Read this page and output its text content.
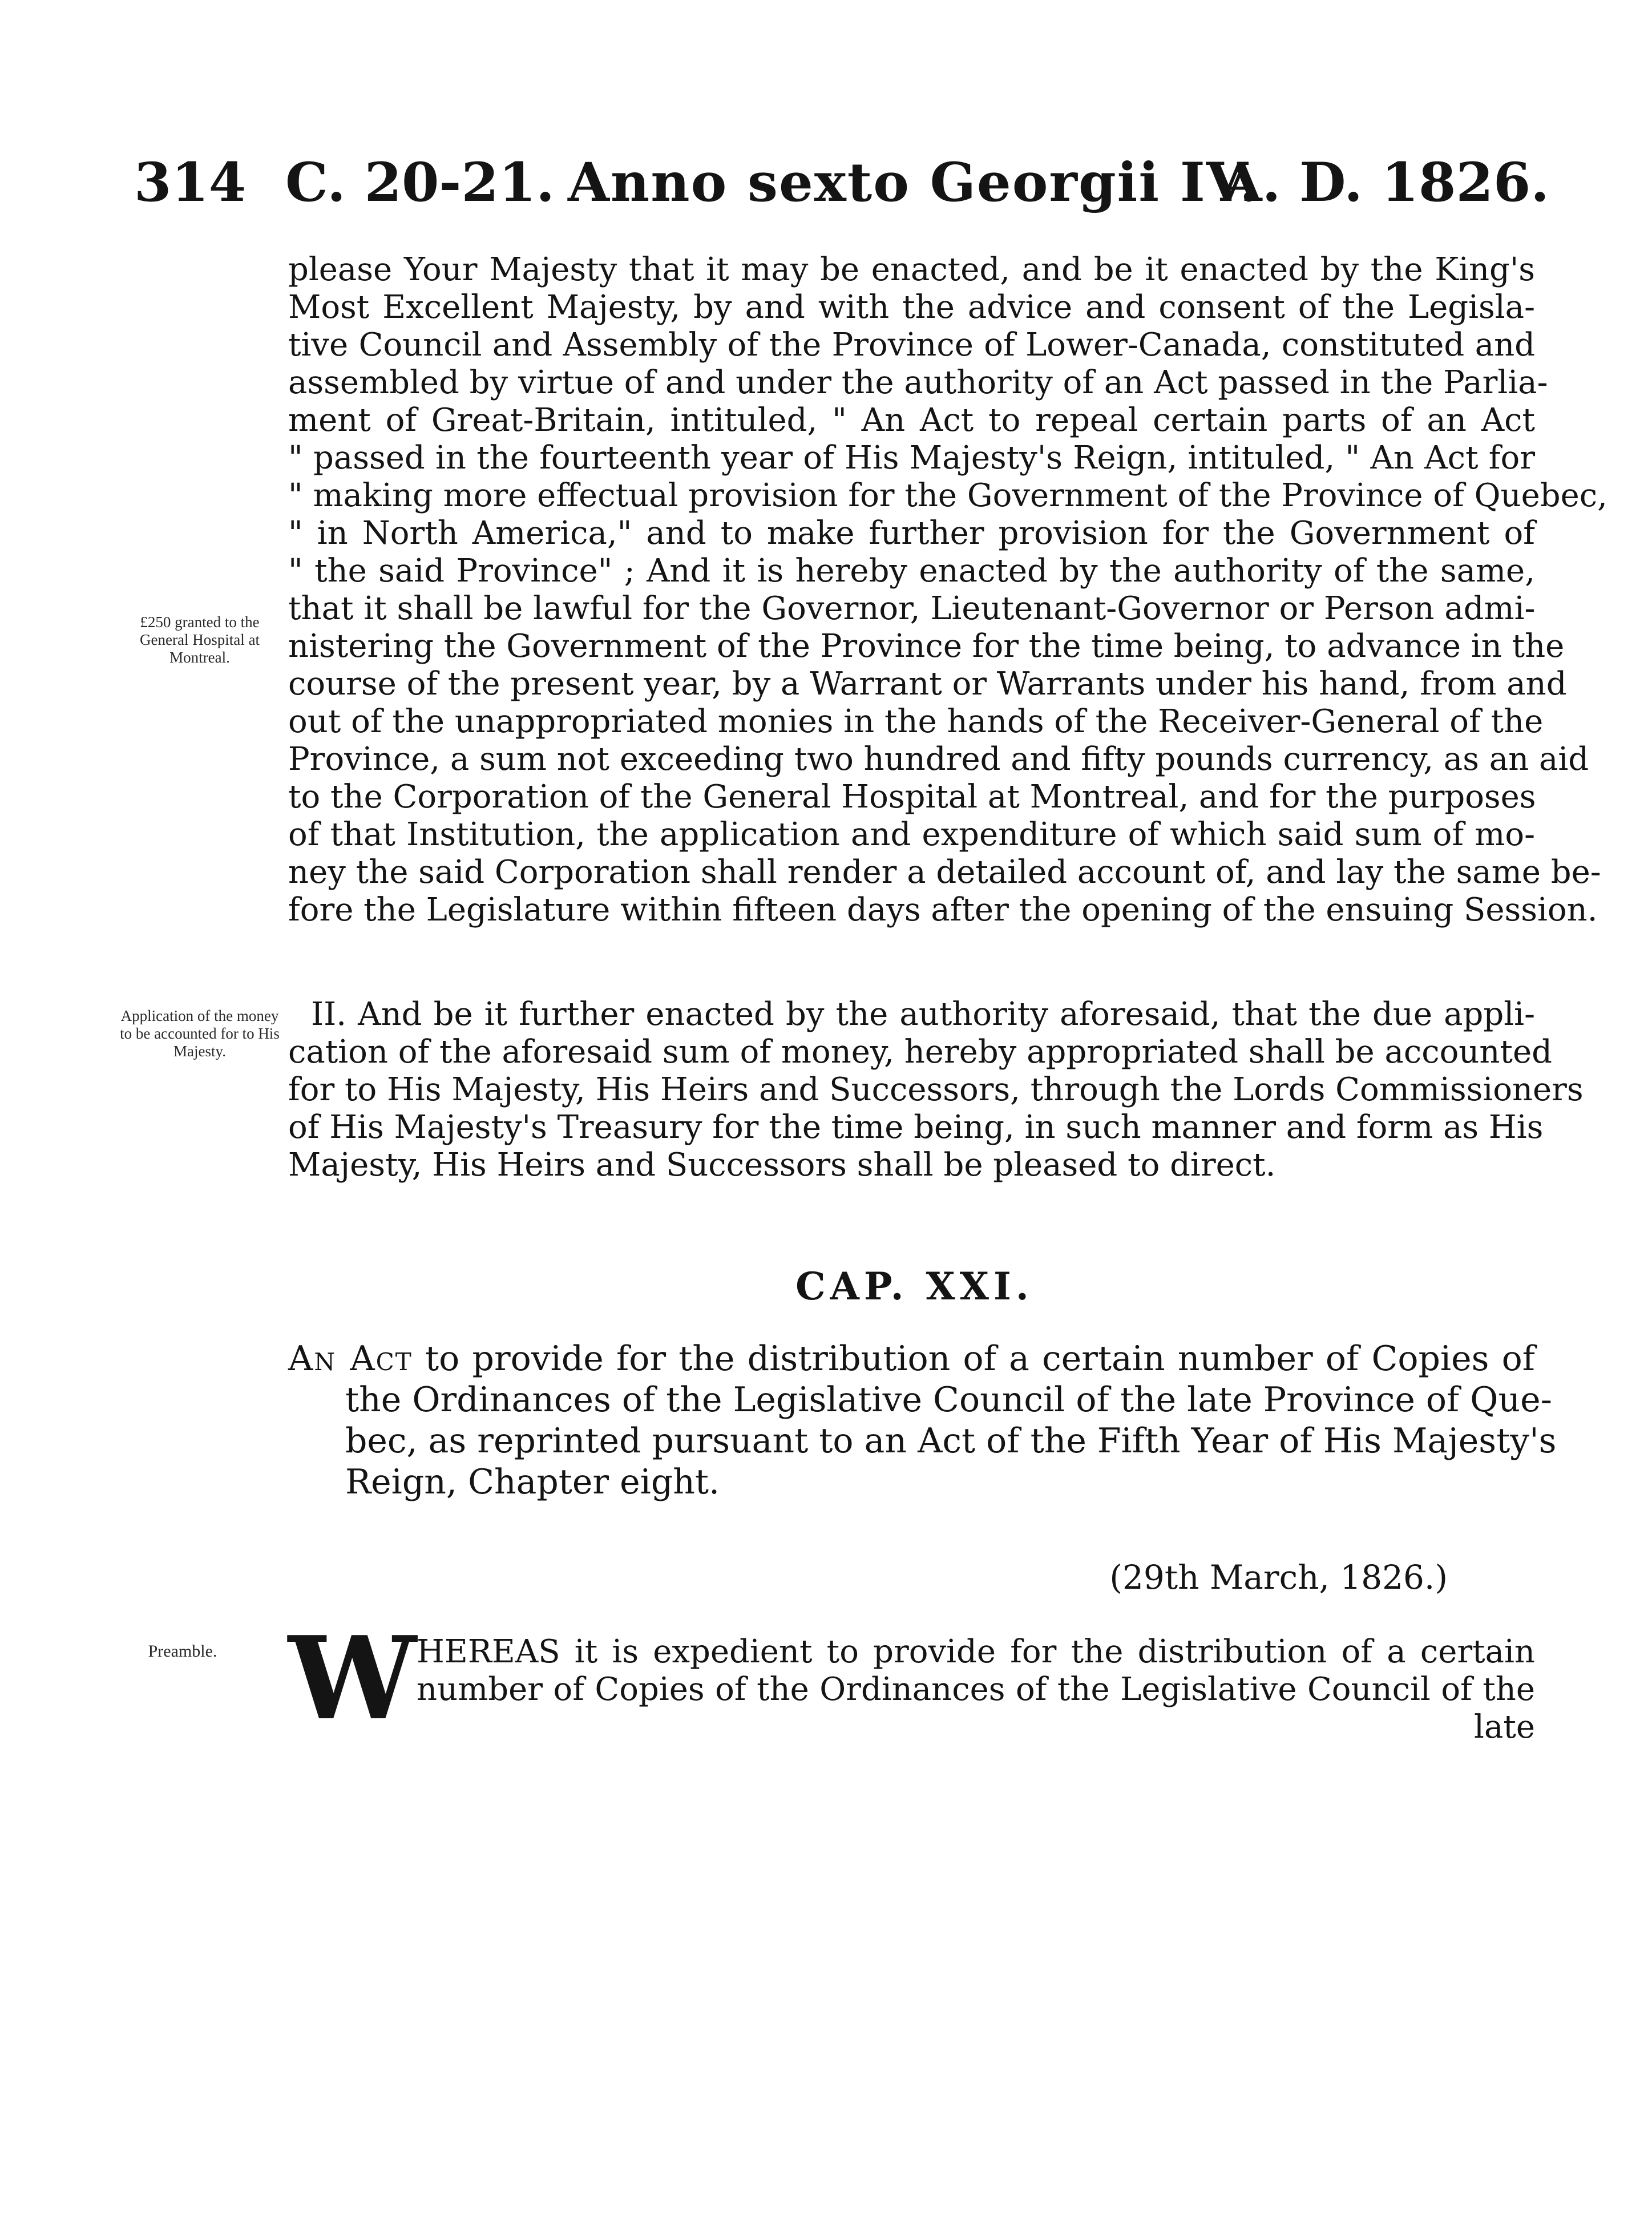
314 C. 20-21. Anno sexto Georgii IV.
A. D. 1826.
please Your Majesty that it may be enacted, and be it enacted by the King's
Most Excellent Majesty, by and with the advice and consent of the Legisla-
tive Council and Assembly of the Province of Lower-Canada, constituted and
assembled by virtue of and under the authority of an Act passed in the Parlia-
ment of Great-Britain, intituled, " An Act to repeal certain parts of an Act
" passed in the fourteenth year of His Majesty's Reign, intituled, " An Act for
" making more effectual provision for the Government of the Province of Quebec,
" in North America," and to make further provision for the Government of
" the said Province" ; And it is hereby enacted by the authority of the same,
that it shall be lawful for the Governor, Lieutenant-Governor or Person admi-
nistering the Government of the Province for the time being, to advance in the
course of the present year, by a Warrant or Warrants under his hand, from and
out of the unappropriated monies in the hands of the Receiver-General of the
Province, a sum not exceeding two hundred and fifty pounds currency, as an aid
to the Corporation of the General Hospital at Montreal, and for the purposes
of that Institution, the application and expenditure of which said sum of mo-
ney the said Corporation shall render a detailed account of, and lay the same be-
fore the Legislature within fifteen days after the opening of the ensuing Session.
£250 granted to the General Hospital at Montreal.
II. And be it further enacted by the authority aforesaid, that the due appli-
cation of the aforesaid sum of money, hereby appropriated shall be accounted
for to His Majesty, His Heirs and Successors, through the Lords Commissioners
of His Majesty's Treasury for the time being, in such manner and form as His
Majesty, His Heirs and Successors shall be pleased to direct.
Application of the money to be accounted for to His Majesty.
CAP. XXI.
An Act to provide for the distribution of a certain number of Copies of
the Ordinances of the Legislative Council of the late Province of Que-
bec, as reprinted pursuant to an Act of the Fifth Year of His Majesty's
Reign, Chapter eight.
(29th March, 1826.)
Preamble. W HEREAS it is expedient to provide for the distribution of a certain
number of Copies of the Ordinances of the Legislative Council of the
late
